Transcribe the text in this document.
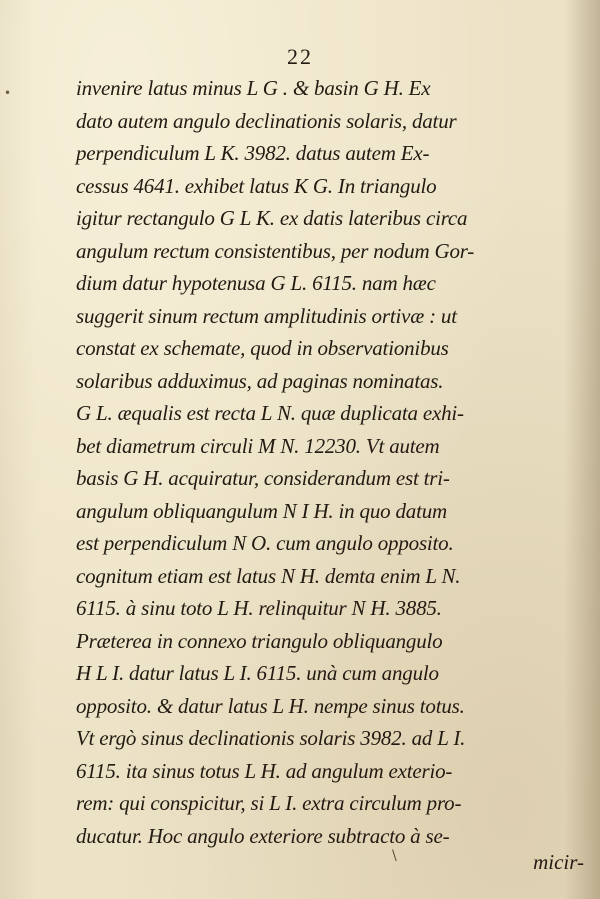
•
22
invenire latus minus L G . & basin G H. Ex
dato autem angulo declinationis solaris, datur
perpendiculum L K. 3982. datus autem Ex-
cessus 4641. exhibet latus K G. In triangulo
igitur rectangulo G L K. ex datis lateribus circa
angulum rectum consistentibus, per nodum Gor-
dium datur hypotenusa G L. 6115. nam hæc
suggerit sinum rectum amplitudinis ortivæ : ut
constat ex schemate, quod in observationibus
solaribus adduximus, ad paginas nominatas.
G L. æqualis est recta L N. quæ duplicata exhi-
bet diametrum circuli M N. 12230. Vt autem
basis G H. acquiratur, considerandum est tri-
angulum obliquangulum N I H. in quo datum
est perpendiculum N O. cum angulo opposito.
cognitum etiam est latus N H. demta enim L N.
6115. à sinu toto L H. relinquitur N H. 3885.
Præterea in connexo triangulo obliquangulo
H L I. datur latus L I. 6115. unà cum angulo
opposito. & datur latus L H. nempe sinus totus.
Vt ergò sinus declinationis solaris 3982. ad L I.
6115. ita sinus totus L H. ad angulum exterio-
rem: qui conspicitur, si L I. extra circulum pro-
ducatur. Hoc angulo exteriore subtracto à se-
\	micir-
